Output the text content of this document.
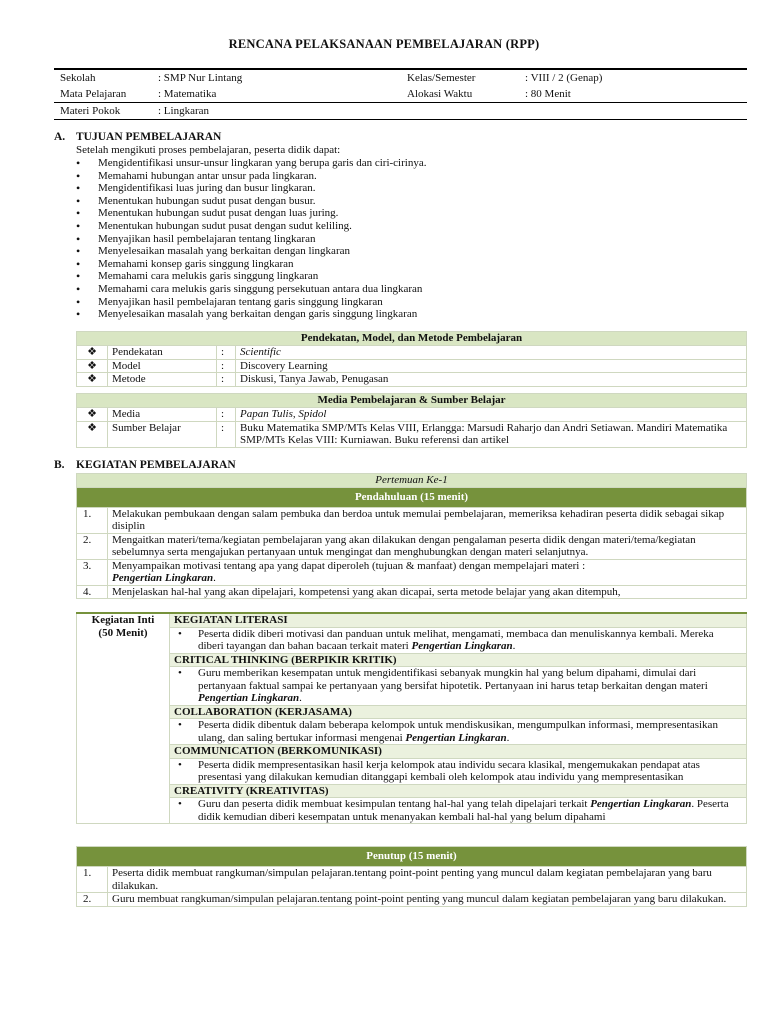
RENCANA PELAKSANAAN PEMBELAJARAN (RPP)
Sekolah	: SMP Nur Lintang	Kelas/Semester	: VIII / 2 (Genap)
Mata Pelajaran	: Matematika	Alokasi Waktu	: 80 Menit
Materi Pokok	: Lingkaran
A. TUJUAN PEMBELAJARAN
Setelah mengikuti proses pembelajaran, peserta didik dapat:
• Mengidentifikasi unsur-unsur lingkaran yang berupa garis dan ciri-cirinya.
• Memahami hubungan antar unsur pada lingkaran.
• Mengidentifikasi luas juring dan busur lingkaran.
• Menentukan hubungan sudut pusat dengan busur.
• Menentukan hubungan sudut pusat dengan luas juring.
• Menentukan hubungan sudut pusat dengan sudut keliling.
• Menyajikan hasil pembelajaran tentang lingkaran
• Menyelesaikan masalah yang berkaitan dengan lingkaran
• Memahami konsep garis singgung lingkaran
• Memahami cara melukis garis singgung lingkaran
• Memahami cara melukis garis singgung persekutuan antara dua lingkaran
• Menyajikan hasil pembelajaran tentang garis singgung lingkaran
• Menyelesaikan masalah yang berkaitan dengan garis singgung lingkaran
Pendekatan, Model, dan Metode Pembelajaran			
❖	Pendekatan	:	Scientific
❖	Model	:	Discovery Learning
❖	Metode	:	Diskusi, Tanya Jawab, Penugasan
Media Pembelajaran & Sumber Belajar			
❖	Media	:	Papan Tulis, Spidol
❖	Sumber Belajar	:	Buku Matematika SMP/MTs Kelas VIII, Erlangga: Marsudi Raharjo dan Andri Setiawan. Mandiri Matematika SMP/MTs Kelas VIII: Kurniawan. Buku referensi dan artikel
B. KEGIATAN PEMBELAJARAN
Pertemuan Ke-1	
Pendahuluan (15 menit)	
1.	Melakukan pembukaan dengan salam pembuka dan berdoa untuk memulai pembelajaran, memeriksa kehadiran peserta didik sebagai sikap disiplin
2.	Mengaitkan materi/tema/kegiatan pembelajaran yang akan dilakukan dengan pengalaman peserta didik dengan materi/tema/kegiatan sebelumnya serta mengajukan pertanyaan untuk mengingat dan menghubungkan dengan materi selanjutnya.
3.	Menyampaikan motivasi tentang apa yang dapat diperoleh (tujuan & manfaat) dengan mempelajari materi :
Pengertian Lingkaran.
4.	Menjelaskan hal-hal yang akan dipelajari, kompetensi yang akan dicapai, serta metode belajar yang akan ditempuh,
Kegiatan Inti
(50 Menit)
	KEGIATAN LITERASI
• Peserta didik diberi motivasi dan panduan untuk melihat, mengamati, membaca dan menuliskannya kembali. Mereka diberi tayangan dan bahan bacaan terkait materi Pengertian Lingkaran.
CRITICAL THINKING (BERPIKIR KRITIK)
• Guru memberikan kesempatan untuk mengidentifikasi sebanyak mungkin hal yang belum dipahami, dimulai dari pertanyaan faktual sampai ke pertanyaan yang bersifat hipotetik. Pertanyaan ini harus tetap berkaitan dengan materi Pengertian Lingkaran.
COLLABORATION (KERJASAMA)
• Peserta didik dibentuk dalam beberapa kelompok untuk mendiskusikan, mengumpulkan informasi, mempresentasikan ulang, dan saling bertukar informasi mengenai Pengertian Lingkaran.
COMMUNICATION (BERKOMUNIKASI)
• Peserta didik mempresentasikan hasil kerja kelompok atau individu secara klasikal, mengemukakan pendapat atas presentasi yang dilakukan kemudian ditanggapi kembali oleh kelompok atau individu yang mempresentasikan
CREATIVITY (KREATIVITAS)
• Guru dan peserta didik membuat kesimpulan tentang hal-hal yang telah dipelajari terkait Pengertian Lingkaran. Peserta didik kemudian diberi kesempatan untuk menanyakan kembali hal-hal yang belum dipahami
Penutup (15 menit)	
1.	Peserta didik membuat rangkuman/simpulan pelajaran.tentang point-point penting yang muncul dalam kegiatan pembelajaran yang baru dilakukan.
2.	Guru membuat rangkuman/simpulan pelajaran.tentang point-point penting yang muncul dalam kegiatan pembelajaran yang baru dilakukan.
